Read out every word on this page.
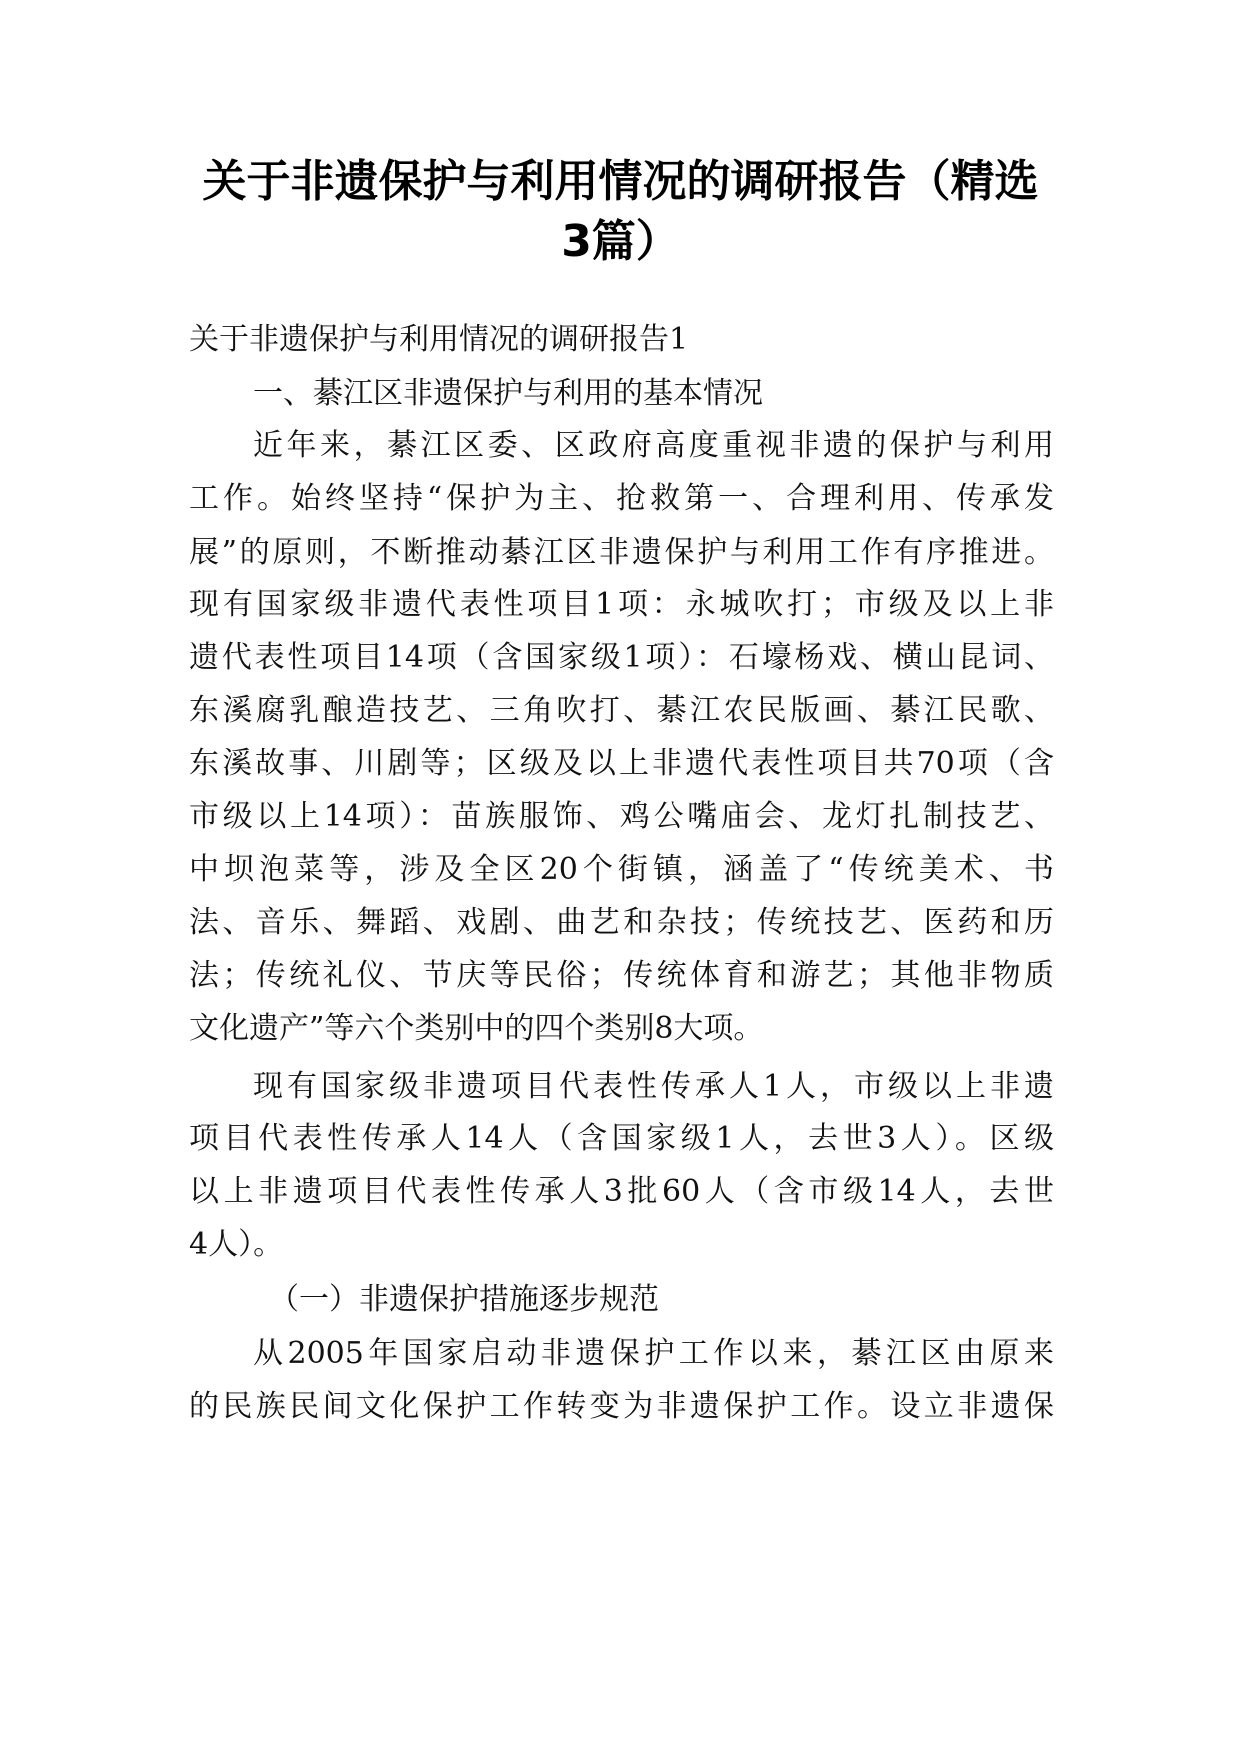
关于非遗保护与利用情况的调研报告（精选
3篇）

关于非遗保护与利用情况的调研报告1

一、綦江区非遗保护与利用的基本情况

近年来，綦江区委、区政府高度重视非遗的保护与利用

工作。始终坚持“保护为主、抢救第一、合理利用、传承发

展”的原则，不断推动綦江区非遗保护与利用工作有序推进。

现有国家级非遗代表性项目1项：永城吹打；市级及以上非

遗代表性项目14项（含国家级1项）：石壕杨戏、横山昆词、

东溪腐乳酿造技艺、三角吹打、綦江农民版画、綦江民歌、

东溪故事、川剧等；区级及以上非遗代表性项目共70项（含

市级以上14项）：苗族服饰、鸡公嘴庙会、龙灯扎制技艺、

中坝泡菜等，涉及全区20个街镇，涵盖了“传统美术、书

法、音乐、舞蹈、戏剧、曲艺和杂技；传统技艺、医药和历

法；传统礼仪、节庆等民俗；传统体育和游艺；其他非物质

文化遗产”等六个类别中的四个类别8大项。

现有国家级非遗项目代表性传承人1人，市级以上非遗

项目代表性传承人14人（含国家级1人，去世3人）。区级

以上非遗项目代表性传承人3批60人（含市级14人，去世

4人）。

（一）非遗保护措施逐步规范

从2005年国家启动非遗保护工作以来，綦江区由原来

的民族民间文化保护工作转变为非遗保护工作。设立非遗保
